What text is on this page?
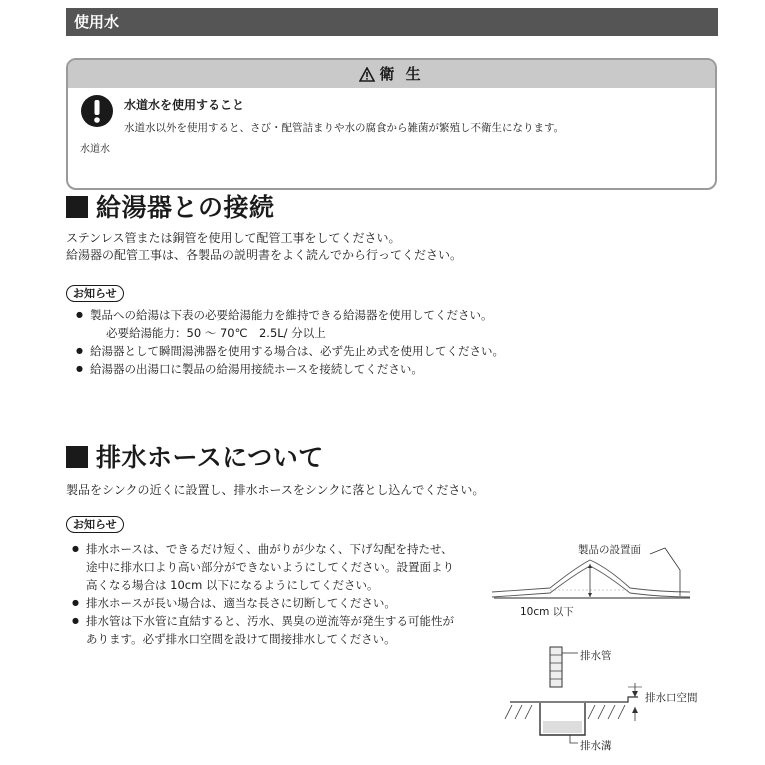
使用水
衛 生
水道水を使用すること
水道水以外を使用すると、さび・配管詰まりや水の腐食から雑菌が繁殖し不衛生になります。
水道水
給湯器との接続
ステンレス管または銅管を使用して配管工事をしてください。
給湯器の配管工事は、各製品の説明書をよく読んでから行ってください。
お知らせ
● 製品への給湯は下表の必要給湯能力を維持できる給湯器を使用してください。
必要給湯能力：50 ～ 70℃　2.5L/ 分以上
● 給湯器として瞬間湯沸器を使用する場合は、必ず先止め式を使用してください。
● 給湯器の出湯口に製品の給湯用接続ホースを接続してください。
排水ホースについて
製品をシンクの近くに設置し、排水ホースをシンクに落とし込んでください。
お知らせ
● 排水ホースは、できるだけ短く、曲がりが少なく、下げ勾配を持たせ、途中に排水口より高い部分ができないようにしてください。設置面より高くなる場合は 10cm 以下になるようにしてください。
● 排水ホースが長い場合は、適当な長さに切断してください。
● 排水管は下水管に直結すると、汚水、異臭の逆流等が発生する可能性があります。必ず排水口空間を設けて間接排水してください。
製品の設置面
10cm 以下
排水管
排水口空間
排水溝
